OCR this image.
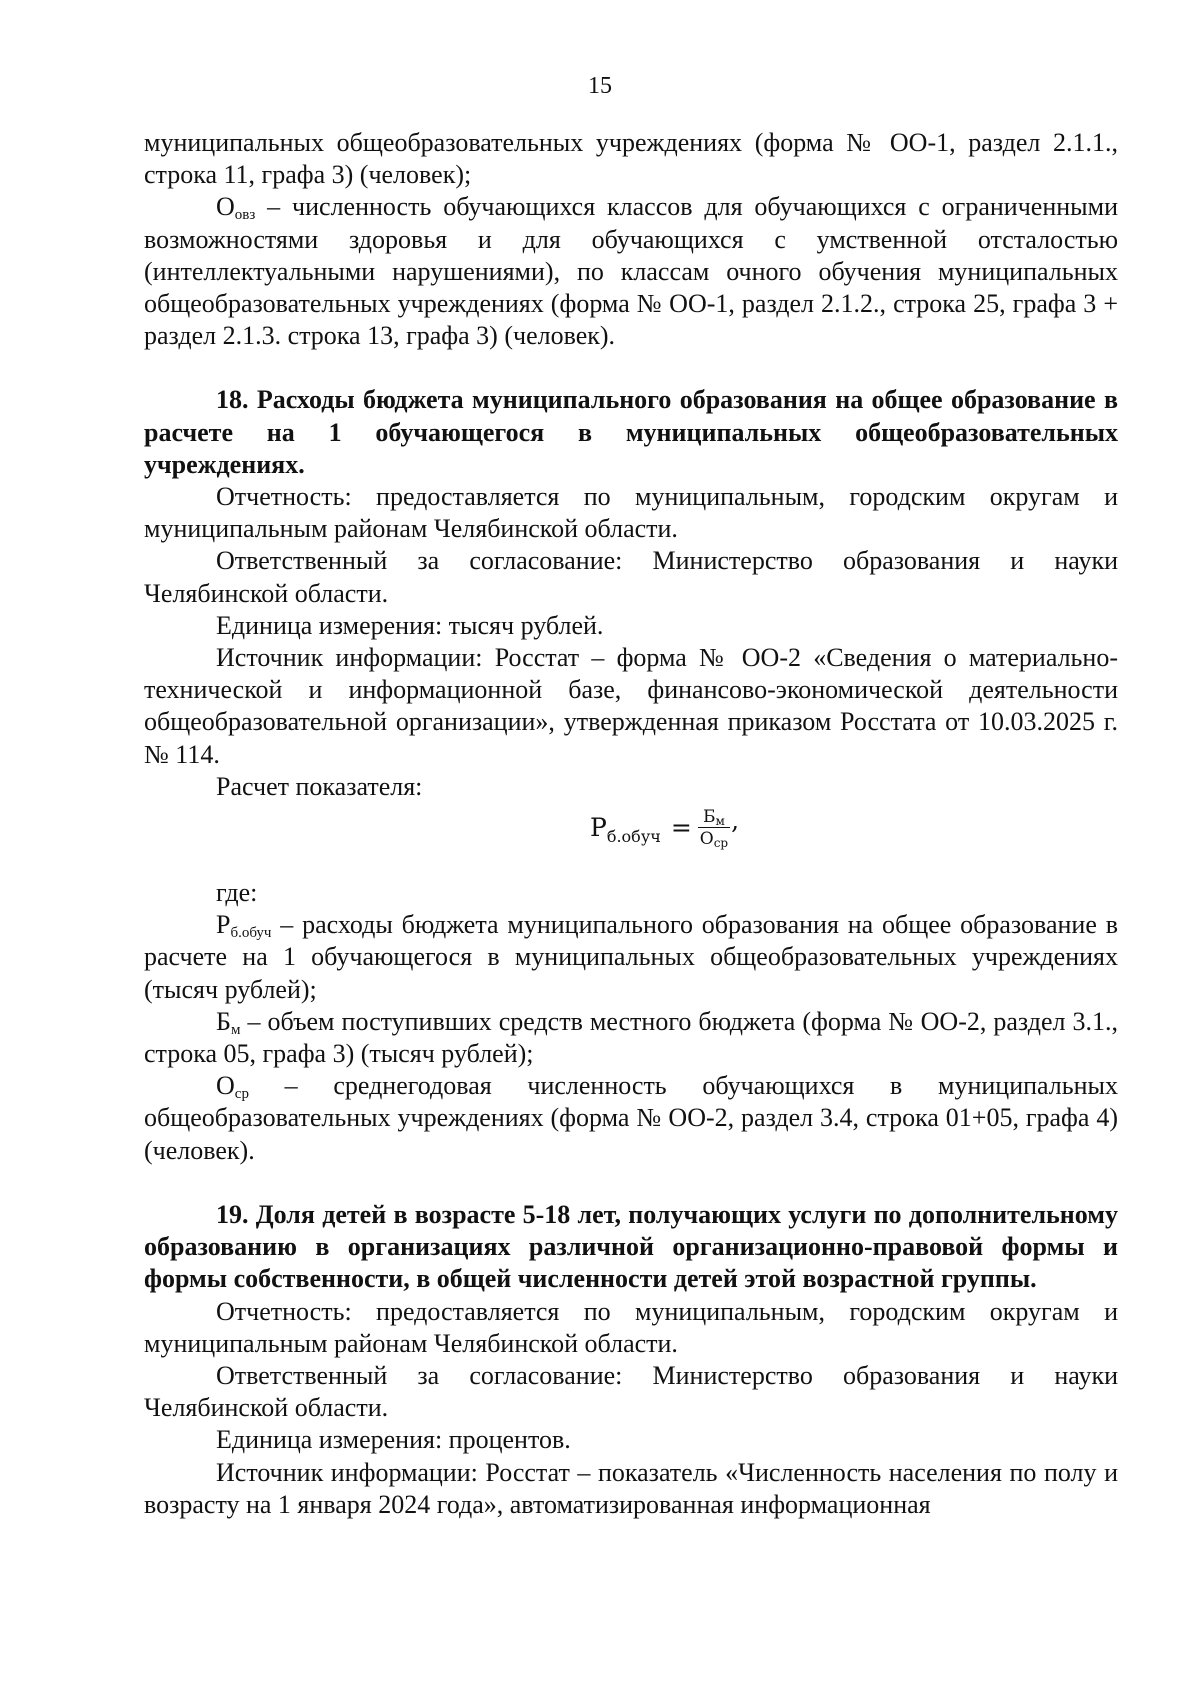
15

муниципальных общеобразовательных учреждениях (форма № ОО-1, раздел 2.1.1., строка 11, графа 3) (человек);

$О_{овз}$ – численность обучающихся классов для обучающихся с ограниченными возможностями здоровья и для обучающихся с умственной отсталостью (интеллектуальными нарушениями), по классам очного обучения муниципальных общеобразовательных учреждениях (форма № ОО-1, раздел 2.1.2., строка 25, графа 3 + раздел 2.1.3. строка 13, графа 3) (человек).

18. Расходы бюджета муниципального образования на общее образование в расчете на 1 обучающегося в муниципальных общеобразовательных учреждениях.

Отчетность: предоставляется по муниципальным, городским округам и муниципальным районам Челябинской области.

Ответственный за согласование: Министерство образования и науки Челябинской области.

Единица измерения: тысяч рублей.

Источник информации: Росстат – форма № ОО-2 «Сведения о материально-технической и информационной базе, финансово-экономической деятельности общеобразовательной организации», утвержденная приказом Росстата от 10.03.2025 г. № 114.

Расчет показателя:

$Р_{б.обуч} = \frac{Б_м}{О_{ср}}$ ,

где:

$Р_{б.обуч}$ – расходы бюджета муниципального образования на общее образование в расчете на 1 обучающегося в муниципальных общеобразовательных учреждениях (тысяч рублей);

$Б_м$ – объем поступивших средств местного бюджета (форма № ОО-2, раздел 3.1., строка 05, графа 3) (тысяч рублей);

$О_{ср}$ – среднегодовая численность обучающихся в муниципальных общеобразовательных учреждениях (форма № ОО-2, раздел 3.4, строка 01+05, графа 4) (человек).

19. Доля детей в возрасте 5-18 лет, получающих услуги по дополнительному образованию в организациях различной организационно-правовой формы и формы собственности, в общей численности детей этой возрастной группы.

Отчетность: предоставляется по муниципальным, городским округам и муниципальным районам Челябинской области.

Ответственный за согласование: Министерство образования и науки Челябинской области.

Единица измерения: процентов.

Источник информации: Росстат – показатель «Численность населения по полу и возрасту на 1 января 2024 года», автоматизированная информационная
